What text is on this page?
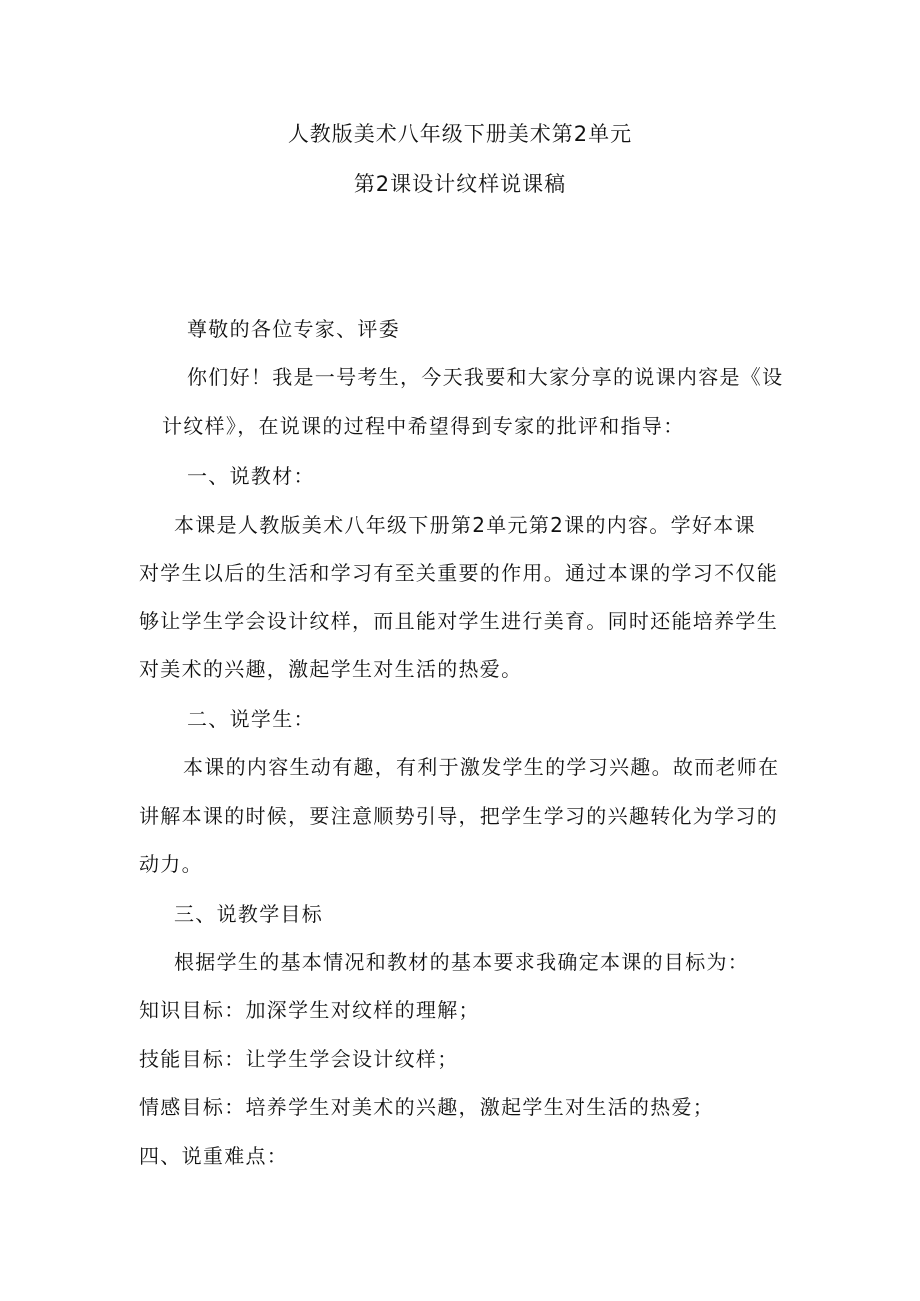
人教版美术八年级下册美术第2单元
第2课设计纹样说课稿
尊敬的各位专家、评委
你们好！我是一号考生，今天我要和大家分享的说课内容是《设
计纹样》，在说课的过程中希望得到专家的批评和指导：
一、说教材：
本课是人教版美术八年级下册第2单元第2课的内容。学好本课
对学生以后的生活和学习有至关重要的作用。通过本课的学习不仅能
够让学生学会设计纹样，而且能对学生进行美育。同时还能培养学生
对美术的兴趣，激起学生对生活的热爱。
二、说学生：
本课的内容生动有趣，有利于激发学生的学习兴趣。故而老师在
讲解本课的时候，要注意顺势引导，把学生学习的兴趣转化为学习的
动力。
三、说教学目标
根据学生的基本情况和教材的基本要求我确定本课的目标为：
知识目标：加深学生对纹样的理解；
技能目标：让学生学会设计纹样；
情感目标：培养学生对美术的兴趣，激起学生对生活的热爱；
四、说重难点：
